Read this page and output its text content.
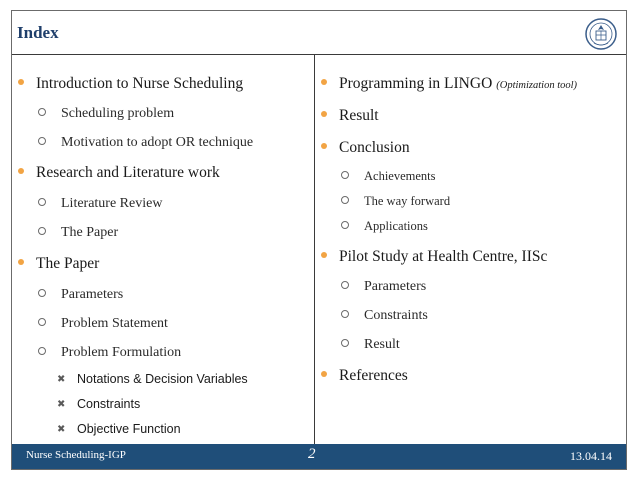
Index
Introduction to Nurse Scheduling
Scheduling problem
Motivation to adopt OR technique
Research and Literature work
Literature Review
The Paper
The Paper
Parameters
Problem Statement
Problem Formulation
✖ Notations & Decision Variables
✖ Constraints
✖ Objective Function
Programming in LINGO (Optimization tool)
Result
Conclusion
Achievements
The way forward
Applications
Pilot Study at Health Centre, IISc
Parameters
Constraints
Result
References
Nurse Scheduling-IGP	2	13.04.14
